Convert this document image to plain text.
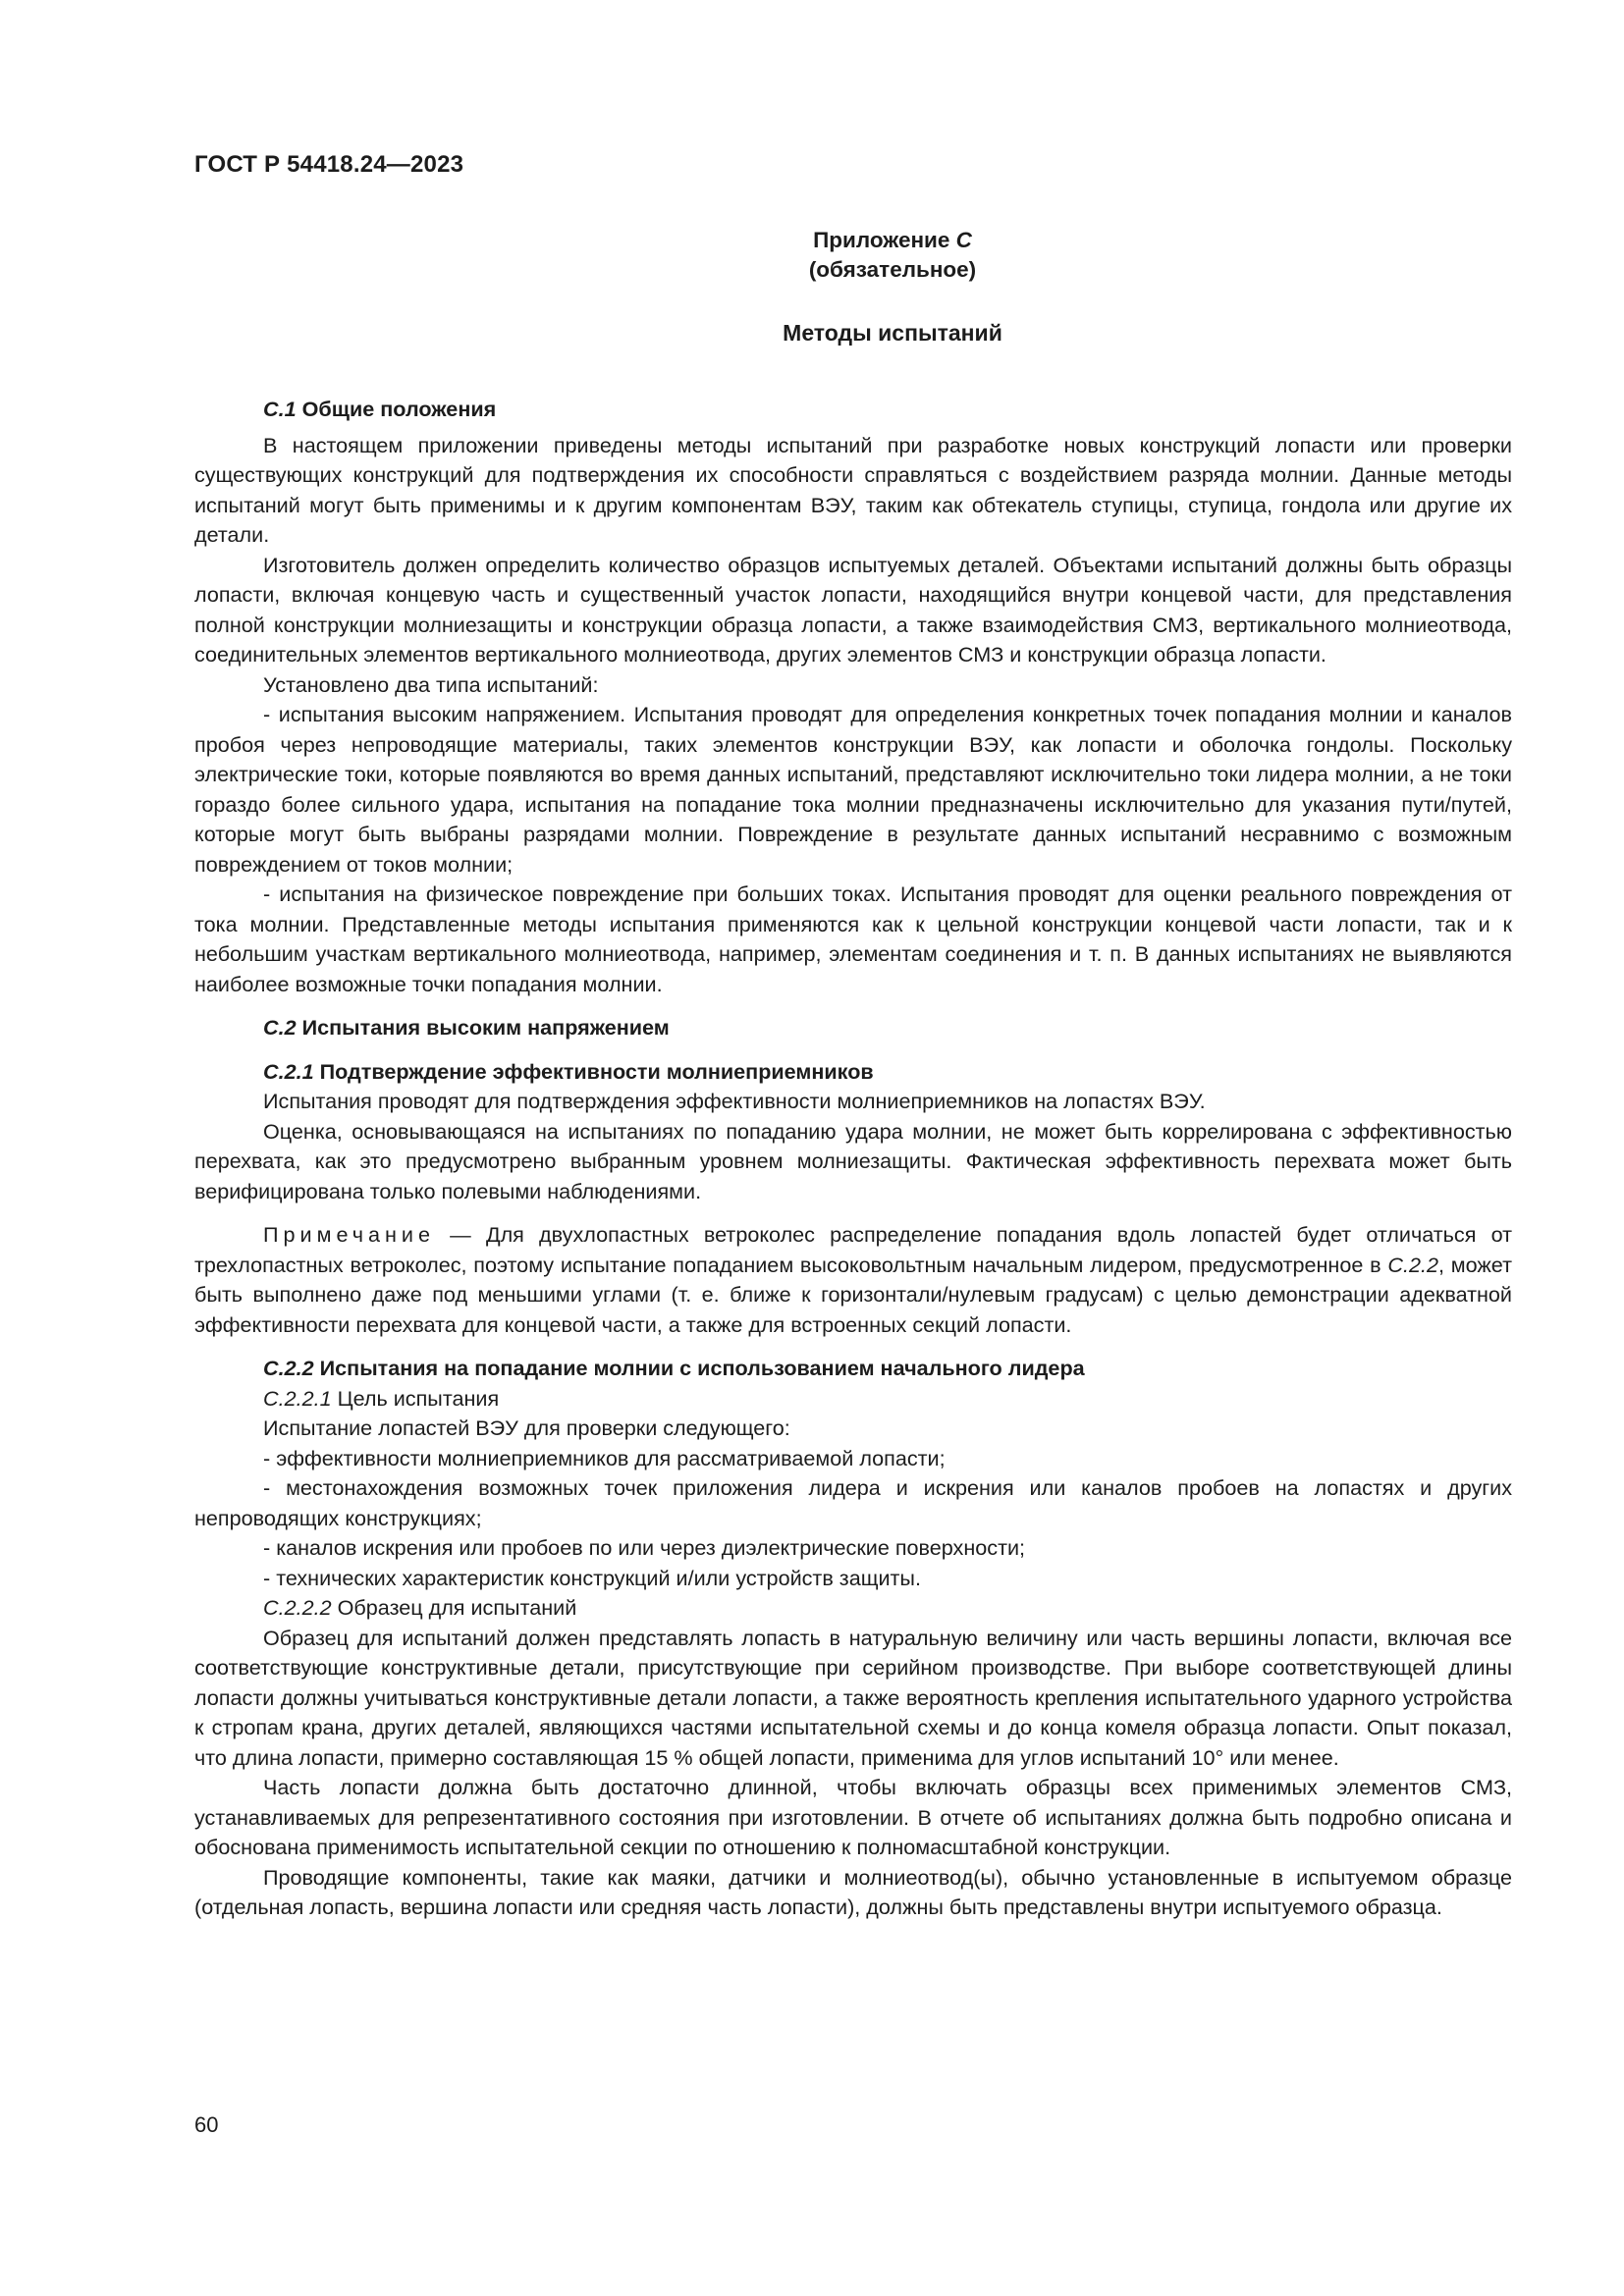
ГОСТ Р 54418.24—2023
Приложение C
(обязательное)
Методы испытаний
С.1 Общие положения

В настоящем приложении приведены методы испытаний при разработке новых конструкций лопасти или проверки существующих конструкций для подтверждения их способности справляться с воздействием разряда молнии. Данные методы испытаний могут быть применимы и к другим компонентам ВЭУ, таким как обтекатель ступицы, ступица, гондола или другие их детали.

Изготовитель должен определить количество образцов испытуемых деталей. Объектами испытаний должны быть образцы лопасти, включая концевую часть и существенный участок лопасти, находящийся внутри концевой части, для представления полной конструкции молниезащиты и конструкции образца лопасти, а также взаимодействия СМЗ, вертикального молниеотвода, соединительных элементов вертикального молниеотвода, других элементов СМЗ и конструкции образца лопасти.

Установлено два типа испытаний:

- испытания высоким напряжением. Испытания проводят для определения конкретных точек попадания молнии и каналов пробоя через непроводящие материалы, таких элементов конструкции ВЭУ, как лопасти и оболочка гондолы. Поскольку электрические токи, которые появляются во время данных испытаний, представляют исключительно токи лидера молнии, а не токи гораздо более сильного удара, испытания на попадание тока молнии предназначены исключительно для указания пути/путей, которые могут быть выбраны разрядами молнии. Повреждение в результате данных испытаний несравнимо с возможным повреждением от токов молнии;

- испытания на физическое повреждение при больших токах. Испытания проводят для оценки реального повреждения от тока молнии. Представленные методы испытания применяются как к цельной конструкции концевой части лопасти, так и к небольшим участкам вертикального молниеотвода, например, элементам соединения и т. п. В данных испытаниях не выявляются наиболее возможные точки попадания молнии.

С.2 Испытания высоким напряжением
С.2.1 Подтверждение эффективности молниеприемников

Испытания проводят для подтверждения эффективности молниеприемников на лопастях ВЭУ.

Оценка, основывающаяся на испытаниях по попаданию удара молнии, не может быть коррелирована с эффективностью перехвата, как это предусмотрено выбранным уровнем молниезащиты. Фактическая эффективность перехвата может быть верифицирована только полевыми наблюдениями.

Примечание — Для двухлопастных ветроколес распределение попадания вдоль лопастей будет отличаться от трехлопастных ветроколес, поэтому испытание попаданием высоковольтным начальным лидером, предусмотренное в С.2.2, может быть выполнено даже под меньшими углами (т. е. ближе к горизонтали/нулевым градусам) с целью демонстрации адекватной эффективности перехвата для концевой части, а также для встроенных секций лопасти.

С.2.2 Испытания на попадание молнии с использованием начального лидера

С.2.2.1 Цель испытания

Испытание лопастей ВЭУ для проверки следующего:

- эффективности молниеприемников для рассматриваемой лопасти;

- местонахождения возможных точек приложения лидера и искрения или каналов пробоев на лопастях и других непроводящих конструкциях;

- каналов искрения или пробоев по или через диэлектрические поверхности;

- технических характеристик конструкций и/или устройств защиты.

С.2.2.2 Образец для испытаний

Образец для испытаний должен представлять лопасть в натуральную величину или часть вершины лопасти, включая все соответствующие конструктивные детали, присутствующие при серийном производстве. При выборе соответствующей длины лопасти должны учитываться конструктивные детали лопасти, а также вероятность крепления испытательного ударного устройства к стропам крана, других деталей, являющихся частями испытательной схемы и до конца комеля образца лопасти. Опыт показал, что длина лопасти, примерно составляющая 15 % общей лопасти, применима для углов испытаний 10° или менее.

Часть лопасти должна быть достаточно длинной, чтобы включать образцы всех применимых элементов СМЗ, устанавливаемых для репрезентативного состояния при изготовлении. В отчете об испытаниях должна быть подробно описана и обоснована применимость испытательной секции по отношению к полномасштабной конструкции.

Проводящие компоненты, такие как маяки, датчики и молниеотвод(ы), обычно установленные в испытуемом образце (отдельная лопасть, вершина лопасти или средняя часть лопасти), должны быть представлены внутри испытуемого образца.

60
